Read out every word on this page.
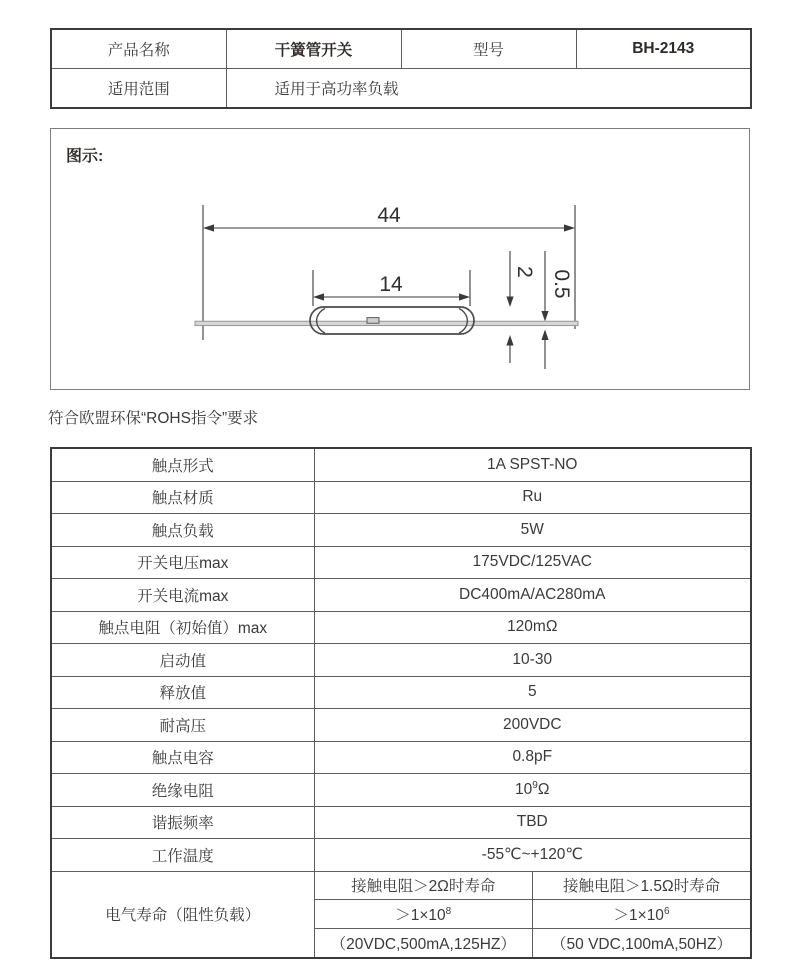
产品名称	干簧管开关	型号	BH-2143
适用范围	适用于高功率负载		
图示:
44
14
2 0.5
符合欧盟环保“ROHS指令”要求
触点形式	1A SPST-NO	
触点材质	Ru	
触点负载	5W	
开关电压max	175VDC/125VAC	
开关电流max	DC400mA/AC280mA	
触点电阻（初始值）max	120mΩ	
启动值	10-30	
释放值	5	
耐高压	200VDC	
触点电容	0.8pF	
绝缘电阻	$10^9\Omega$	
谐振频率	TBD	
工作温度	-55℃~+120℃	
电气寿命（阻性负载）	接触电阻＞2Ω时寿命	接触电阻＞1.5Ω时寿命
	$>1\times 10^8$	$>1\times 10^6$
	（20VDC,500mA,125HZ）	（50 VDC,100mA,50HZ）
